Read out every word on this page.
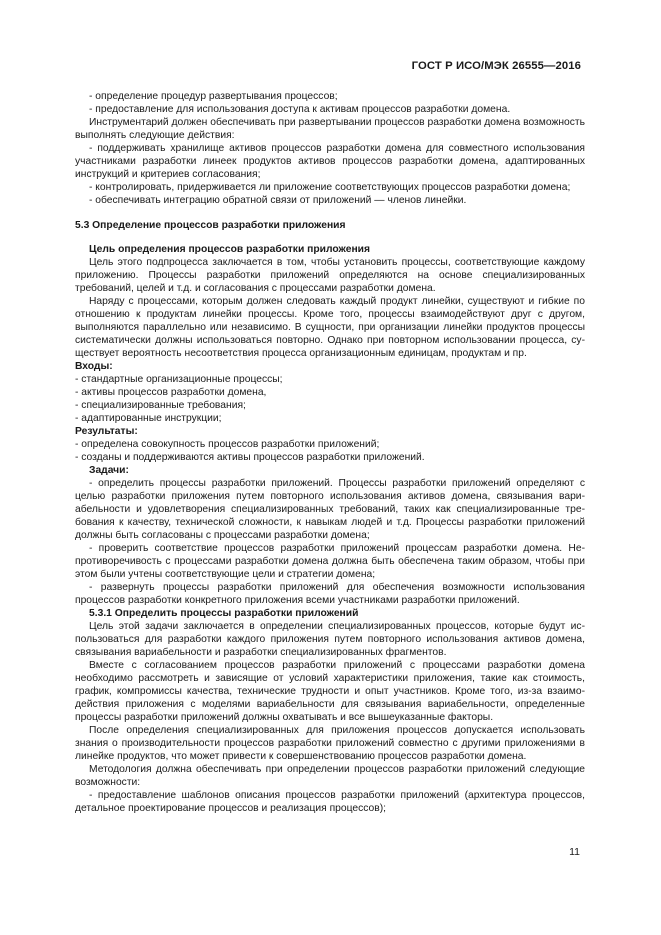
ГОСТ Р ИСО/МЭК 26555—2016

- определение процедур развертывания процессов;

- предоставление для использования доступа к активам процессов разработки домена.

Инструментарий должен обеспечивать при развертывании процессов разработки домена возможность выполнять следующие действия:

- поддерживать хранилище активов процессов разработки домена для совместного использования участниками разработки линеек продуктов активов процессов разработки домена, адаптированных инструкций и критериев согласования;

- контролировать, придерживается ли приложение соответствующих процессов разработки домена;

- обеспечивать интеграцию обратной связи от приложений — членов линейки.

5.3 Определение процессов разработки приложения

Цель определения процессов разработки приложения

Цель этого подпроцесса заключается в том, чтобы установить процессы, соответствующие каждому приложению. Процессы разработки приложений определяются на основе специализированных требований, целей и т.д. и согласования с процессами разработки домена.

Наряду с процессами, которым должен следовать каждый продукт линейки, существуют и гибкие по отношению к продуктам линейки процессы. Кроме того, процессы взаимодействуют друг с другом, выполняются параллельно или независимо. В сущности, при организации линейки продуктов процессы систематически должны использоваться повторно. Однако при повторном использовании процесса, существует вероятность несоответствия процесса организационным единицам, продуктам и пр.

Входы:

- стандартные организационные процессы;

- активы процессов разработки домена,

- специализированные требования;

- адаптированные инструкции;

Результаты:

- определена совокупность процессов разработки приложений;

- созданы и поддерживаются активы процессов разработки приложений.

Задачи:

- определить процессы разработки приложений. Процессы разработки приложений определяют с целью разработки приложения путем повторного использования активов домена, связывания вариабельности и удовлетворения специализированных требований, таких как специализированные требования к качеству, технической сложности, к навыкам людей и т.д. Процессы разработки приложений должны быть согласованы с процессами разработки домена;

- проверить соответствие процессов разработки приложений процессам разработки домена. Непротиворечивость с процессами разработки домена должна быть обеспечена таким образом, чтобы при этом были учтены соответствующие цели и стратегии домена;

- развернуть процессы разработки приложений для обеспечения возможности использования процессов разработки конкретного приложения всеми участниками разработки приложений.

5.3.1 Определить процессы разработки приложений

Цель этой задачи заключается в определении специализированных процессов, которые будут использоваться для разработки каждого приложения путем повторного использования активов домена, связывания вариабельности и разработки специализированных фрагментов.

Вместе с согласованием процессов разработки приложений с процессами разработки домена необходимо рассмотреть и зависящие от условий характеристики приложения, такие как стоимость, график, компромиссы качества, технические трудности и опыт участников. Кроме того, из-за взаимодействия приложения с моделями вариабельности для связывания вариабельности, определенные процессы разработки приложений должны охватывать и все вышеуказанные факторы.

После определения специализированных для приложения процессов допускается использовать знания о производительности процессов разработки приложений совместно с другими приложениями в линейке продуктов, что может привести к совершенствованию процессов разработки домена.

Методология должна обеспечивать при определении процессов разработки приложений следующие возможности:

- предоставление шаблонов описания процессов разработки приложений (архитектура процессов, детальное проектирование процессов и реализация процессов);

11
